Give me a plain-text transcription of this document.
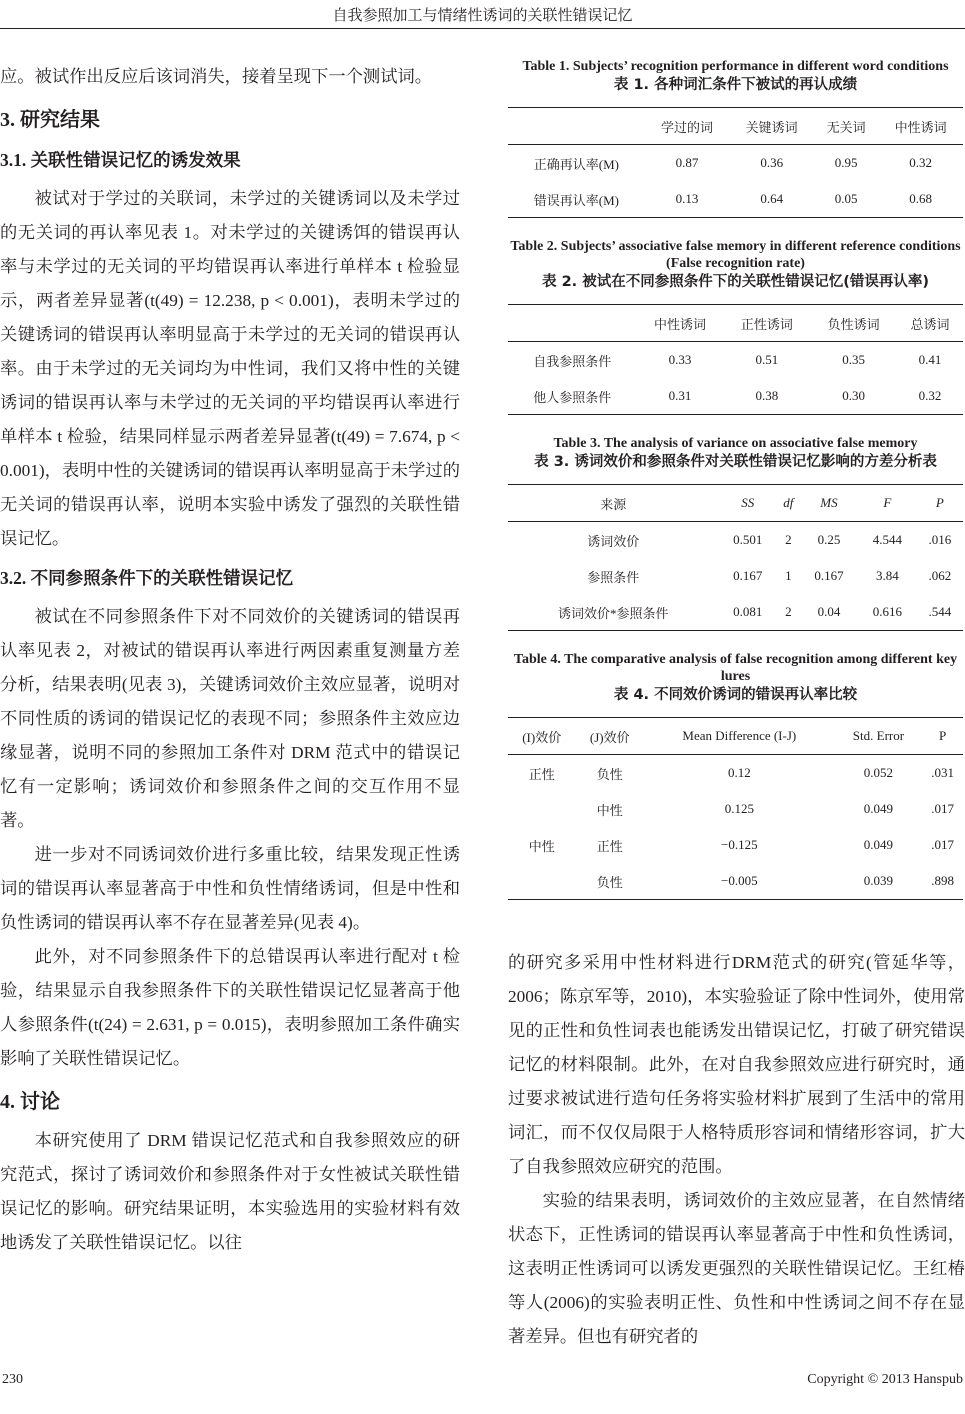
自我参照加工与情绪性诱词的关联性错误记忆

应。被试作出反应后该词消失，接着呈现下一个测试词。

3. 研究结果
3.1. 关联性错误记忆的诱发效果

被试对于学过的关联词，未学过的关键诱词以及未学过的无关词的再认率见表 1。对未学过的关键诱饵的错误再认率与未学过的无关词的平均错误再认率进行单样本 t 检验显示，两者差异显著(t(49) = 12.238, p < 0.001)，表明未学过的关键诱词的错误再认率明显高于未学过的无关词的错误再认率。由于未学过的无关词均为中性词，我们又将中性的关键诱词的错误再认率与未学过的无关词的平均错误再认率进行单样本 t 检验，结果同样显示两者差异显著(t(49) = 7.674, p < 0.001)，表明中性的关键诱词的错误再认率明显高于未学过的无关词的错误再认率，说明本实验中诱发了强烈的关联性错误记忆。

3.2. 不同参照条件下的关联性错误记忆

被试在不同参照条件下对不同效价的关键诱词的错误再认率见表 2，对被试的错误再认率进行两因素重复测量方差分析，结果表明(见表 3)，关键诱词效价主效应显著，说明对不同性质的诱词的错误记忆的表现不同；参照条件主效应边缘显著，说明不同的参照加工条件对 DRM 范式中的错误记忆有一定影响；诱词效价和参照条件之间的交互作用不显著。

进一步对不同诱词效价进行多重比较，结果发现正性诱词的错误再认率显著高于中性和负性情绪诱词，但是中性和负性诱词的错误再认率不存在显著差异(见表 4)。

此外，对不同参照条件下的总错误再认率进行配对 t 检验，结果显示自我参照条件下的关联性错误记忆显著高于他人参照条件(t(24) = 2.631, p = 0.015)，表明参照加工条件确实影响了关联性错误记忆。

4. 讨论

本研究使用了 DRM 错误记忆范式和自我参照效应的研究范式，探讨了诱词效价和参照条件对于女性被试关联性错误记忆的影响。研究结果证明，本实验选用的实验材料有效地诱发了关联性错误记忆。以往

Table 1. Subjects’ recognition performance in different word conditions
表 1. 各种词汇条件下被试的再认成绩
	学过的词	关键诱词	无关词	中性诱词
正确再认率(M)	0.87	0.36	0.95	0.32
错误再认率(M)	0.13	0.64	0.05	0.68
Table 2. Subjects’ associative false memory in different reference conditions (False recognition rate)
表 2. 被试在不同参照条件下的关联性错误记忆(错误再认率)
	中性诱词	正性诱词	负性诱词	总诱词
自我参照条件	0.33	0.51	0.35	0.41
他人参照条件	0.31	0.38	0.30	0.32
Table 3. The analysis of variance on associative false memory
表 3. 诱词效价和参照条件对关联性错误记忆影响的方差分析表
来源	SS	df	MS	F	P
诱词效价	0.501	2	0.25	4.544	.016
参照条件	0.167	1	0.167	3.84	.062
诱词效价*参照条件	0.081	2	0.04	0.616	.544
Table 4. The comparative analysis of false recognition among different key lures
表 4. 不同效价诱词的错误再认率比较
(I)效价	(J)效价	Mean Difference (I-J)	Std. Error	P
正性	负性	0.12	0.052	.031
	中性	0.125	0.049	.017
中性	正性	−0.125	0.049	.017
	负性	−0.005	0.039	.898

的研究多采用中性材料进行DRM范式的研究(管延华等，2006；陈京军等，2010)，本实验验证了除中性词外，使用常见的正性和负性词表也能诱发出错误记忆，打破了研究错误记忆的材料限制。此外，在对自我参照效应进行研究时，通过要求被试进行造句任务将实验材料扩展到了生活中的常用词汇，而不仅仅局限于人格特质形容词和情绪形容词，扩大了自我参照效应研究的范围。

实验的结果表明，诱词效价的主效应显著，在自然情绪状态下，正性诱词的错误再认率显著高于中性和负性诱词，这表明正性诱词可以诱发更强烈的关联性错误记忆。王红椿等人(2006)的实验表明正性、负性和中性诱词之间不存在显著差异。但也有研究者的

230	Copyright © 2013 Hanspub
